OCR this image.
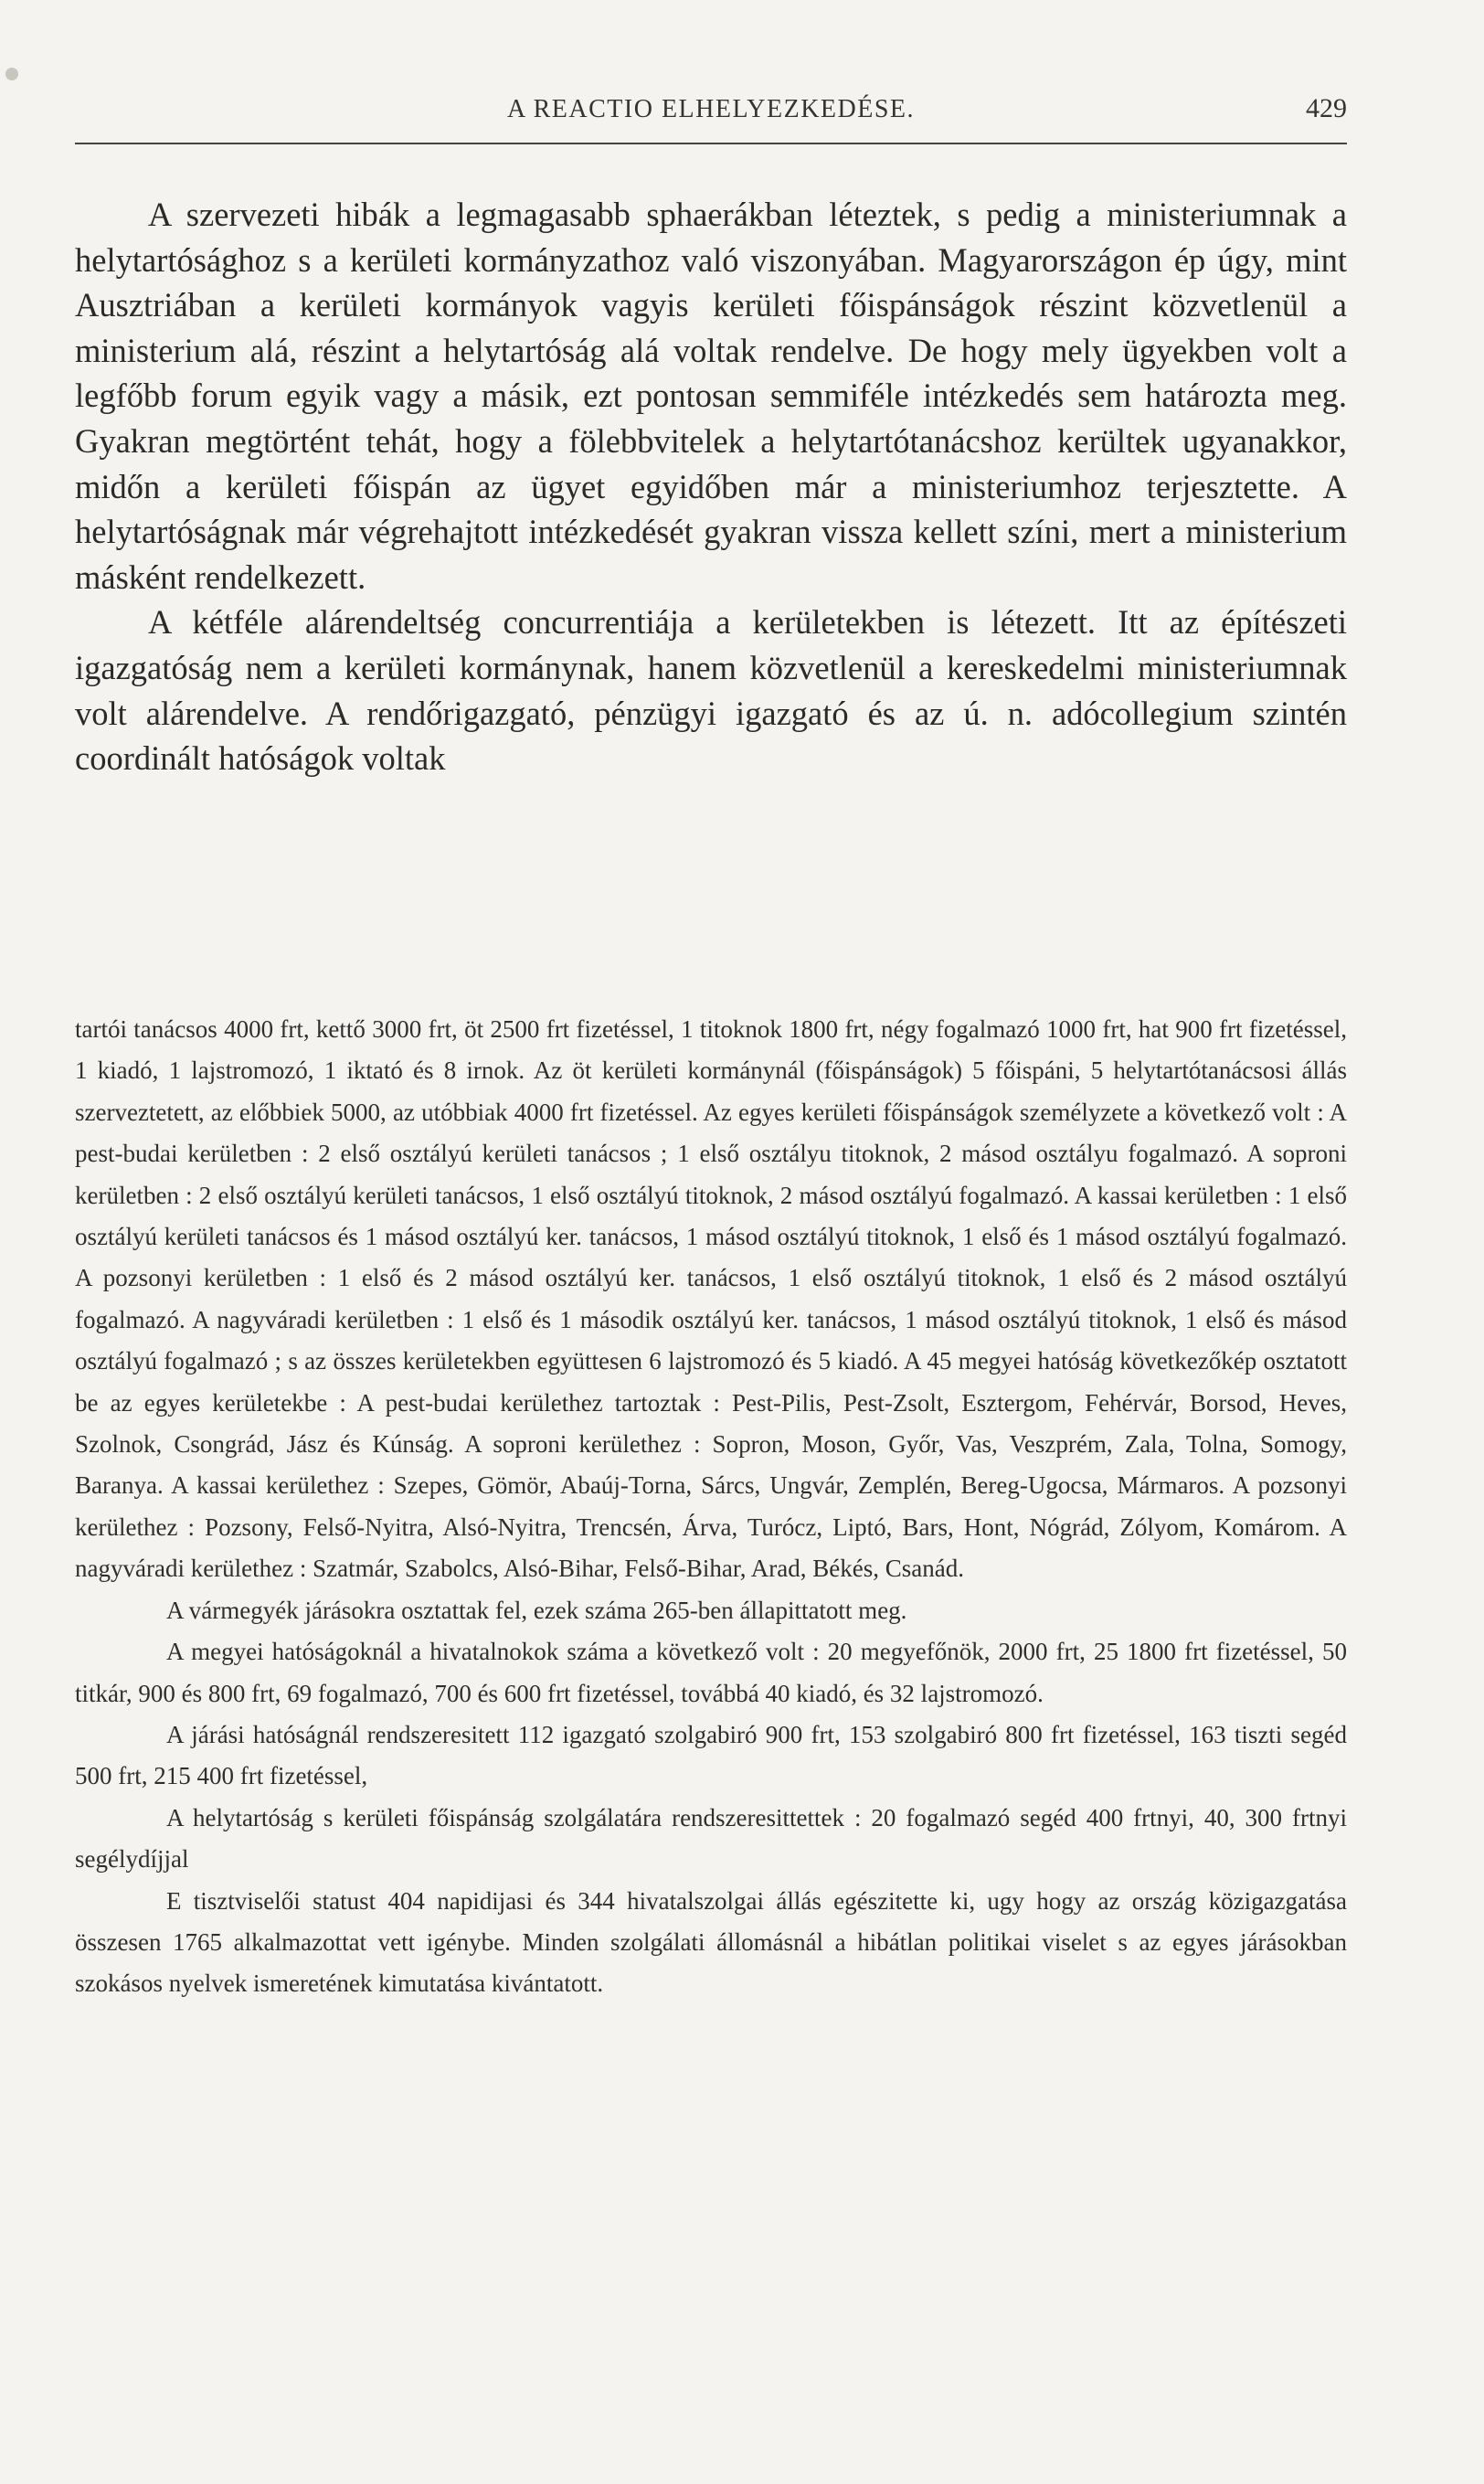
A REACTIO ELHELYEZKEDÉSE.	429

A szervezeti hibák a legmagasabb sphaerákban léteztek, s pedig a ministeriumnak a helytartósághoz s a kerületi kormányzathoz való viszonyában. Magyarországon ép úgy, mint Ausztriában a kerületi kormányok vagyis kerületi főispánságok részint közvetlenül a ministerium alá, részint a helytartóság alá voltak rendelve. De hogy mely ügyekben volt a legfőbb forum egyik vagy a másik, ezt pontosan semmiféle intézkedés sem határozta meg. Gyakran megtörtént tehát, hogy a fölebbvitelek a helytartótanácshoz kerültek ugyanakkor, midőn a kerületi főispán az ügyet egyidőben már a ministeriumhoz terjesztette. A helytartóságnak már végrehajtott intézkedését gyakran vissza kellett színi, mert a ministerium másként rendelkezett.

A kétféle alárendeltség concurrentiája a kerületekben is létezett. Itt az építészeti igazgatóság nem a kerületi kormánynak, hanem közvetlenül a kereskedelmi ministeriumnak volt alárendelve. A rendőrigazgató, pénzügyi igazgató és az ú. n. adócollegium szintén coordinált hatóságok voltak

tartói tanácsos 4000 frt, kettő 3000 frt, öt 2500 frt fizetéssel, 1 titoknok 1800 frt, négy fogalmazó 1000 frt, hat 900 frt fizetéssel, 1 kiadó, 1 lajstromozó, 1 iktató és 8 irnok. Az öt kerületi kormánynál (főispánságok) 5 főispáni, 5 helytartótanácsosi állás szerveztetett, az előbbiek 5000, az utóbbiak 4000 frt fizetéssel. Az egyes kerületi főispánságok személyzete a következő volt : A pest-budai kerületben : 2 első osztályú kerületi tanácsos ; 1 első osztályu titoknok, 2 másod osztályu fogalmazó. A soproni kerületben : 2 első osztályú kerületi tanácsos, 1 első osztályú titoknok, 2 másod osztályú fogalmazó. A kassai kerületben : 1 első osztályú kerületi tanácsos és 1 másod osztályú ker. tanácsos, 1 másod osztályú titoknok, 1 első és 1 másod osztályú fogalmazó. A pozsonyi kerületben : 1 első és 2 másod osztályú ker. tanácsos, 1 első osztályú titoknok, 1 első és 2 másod osztályú fogalmazó. A nagyváradi kerületben : 1 első és 1 második osztályú ker. tanácsos, 1 másod osztályú titoknok, 1 első és másod osztályú fogalmazó ; s az összes kerületekben együttesen 6 lajstromozó és 5 kiadó. A 45 megyei hatóság következőkép osztatott be az egyes kerületekbe : A pest-budai kerülethez tartoztak : Pest-Pilis, Pest-Zsolt, Esztergom, Fehérvár, Borsod, Heves, Szolnok, Csongrád, Jász és Kúnság. A soproni kerülethez : Sopron, Moson, Győr, Vas, Veszprém, Zala, Tolna, Somogy, Baranya. A kassai kerülethez : Szepes, Gömör, Abaúj-Torna, Sárcs, Ungvár, Zemplén, Bereg-Ugocsa, Mármaros. A pozsonyi kerülethez : Pozsony, Felső-Nyitra, Alsó-Nyitra, Trencsén, Árva, Turócz, Liptó, Bars, Hont, Nógrád, Zólyom, Komárom. A nagyváradi kerülethez : Szatmár, Szabolcs, Alsó-Bihar, Felső-Bihar, Arad, Békés, Csanád.

A vármegyék járásokra osztattak fel, ezek száma 265-ben állapittatott meg.

A megyei hatóságoknál a hivatalnokok száma a következő volt : 20 megyefőnök, 2000 frt, 25 1800 frt fizetéssel, 50 titkár, 900 és 800 frt, 69 fogalmazó, 700 és 600 frt fizetéssel, továbbá 40 kiadó, és 32 lajstromozó.

A járási hatóságnál rendszeresitett 112 igazgató szolgabiró 900 frt, 153 szolgabiró 800 frt fizetéssel, 163 tiszti segéd 500 frt, 215 400 frt fizetéssel,

A helytartóság s kerületi főispánság szolgálatára rendszeresittettek : 20 fogalmazó segéd 400 frtnyi, 40, 300 frtnyi segélydíjjal

E tisztviselői statust 404 napidijasi és 344 hivatalszolgai állás egészitette ki, ugy hogy az ország közigazgatása összesen 1765 alkalmazottat vett igénybe. Minden szolgálati állomásnál a hibátlan politikai viselet s az egyes járásokban szokásos nyelvek ismeretének kimutatása kivántatott.
